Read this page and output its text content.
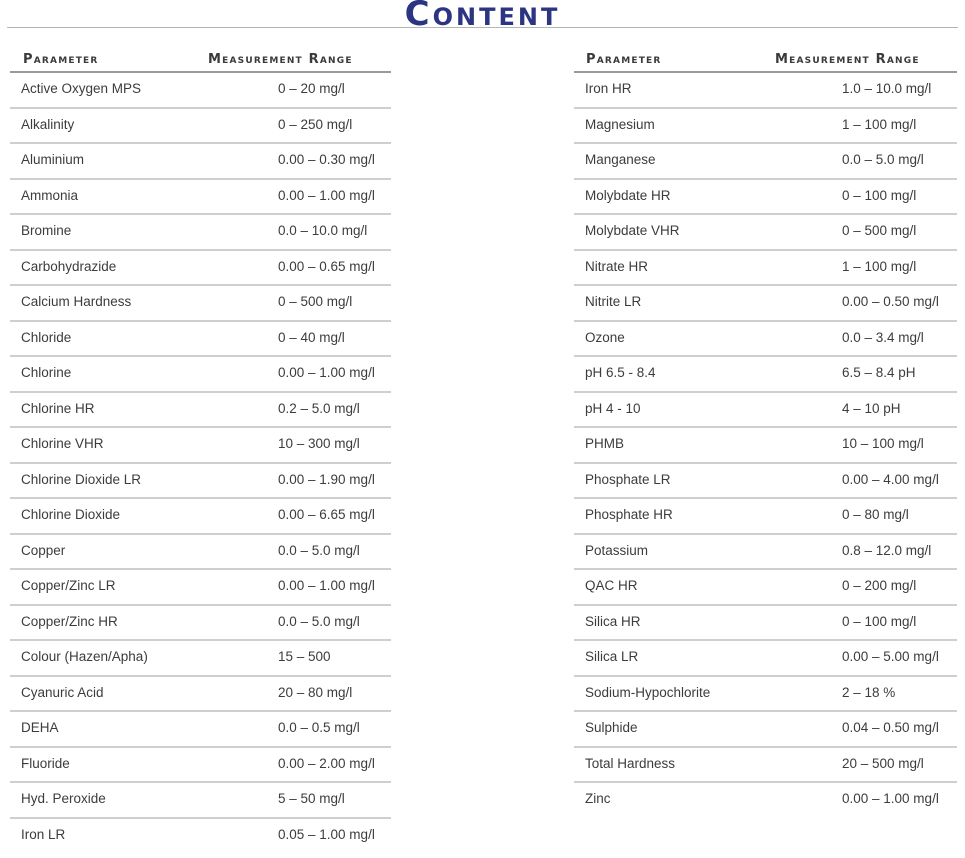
Content
Parameter	Measurement Range
Active Oxygen MPS	0 – 20 mg/l
Alkalinity	0 – 250 mg/l
Aluminium	0.00 – 0.30 mg/l
Ammonia	0.00 – 1.00 mg/l
Bromine	0.0 – 10.0 mg/l
Carbohydrazide	0.00 – 0.65 mg/l
Calcium Hardness	0 – 500 mg/l
Chloride	0 – 40 mg/l
Chlorine	0.00 – 1.00 mg/l
Chlorine HR	0.2 – 5.0 mg/l
Chlorine VHR	10 – 300 mg/l
Chlorine Dioxide LR	0.00 – 1.90 mg/l
Chlorine Dioxide	0.00 – 6.65 mg/l
Copper	0.0 – 5.0 mg/l
Copper/Zinc LR	0.00 – 1.00 mg/l
Copper/Zinc HR	0.0 – 5.0 mg/l
Colour (Hazen/Apha)	15 – 500
Cyanuric Acid	20 – 80 mg/l
DEHA	0.0 – 0.5 mg/l
Fluoride	0.00 – 2.00 mg/l
Hyd. Peroxide	5 – 50 mg/l
Iron LR	0.05 – 1.00 mg/l
Parameter	Measurement Range
Iron HR	1.0 – 10.0 mg/l
Magnesium	1 – 100 mg/l
Manganese	0.0 – 5.0 mg/l
Molybdate HR	0 – 100 mg/l
Molybdate VHR	0 – 500 mg/l
Nitrate HR	1 – 100 mg/l
Nitrite LR	0.00 – 0.50 mg/l
Ozone	0.0 – 3.4 mg/l
pH 6.5 - 8.4	6.5 – 8.4 pH
pH 4 - 10	4 – 10 pH
PHMB	10 – 100 mg/l
Phosphate LR	0.00 – 4.00 mg/l
Phosphate HR	0 – 80 mg/l
Potassium	0.8 – 12.0 mg/l
QAC HR	0 – 200 mg/l
Silica HR	0 – 100 mg/l
Silica LR	0.00 – 5.00 mg/l
Sodium-Hypochlorite	2 – 18 %
Sulphide	0.04 – 0.50 mg/l
Total Hardness	20 – 500 mg/l
Zinc	0.00 – 1.00 mg/l
